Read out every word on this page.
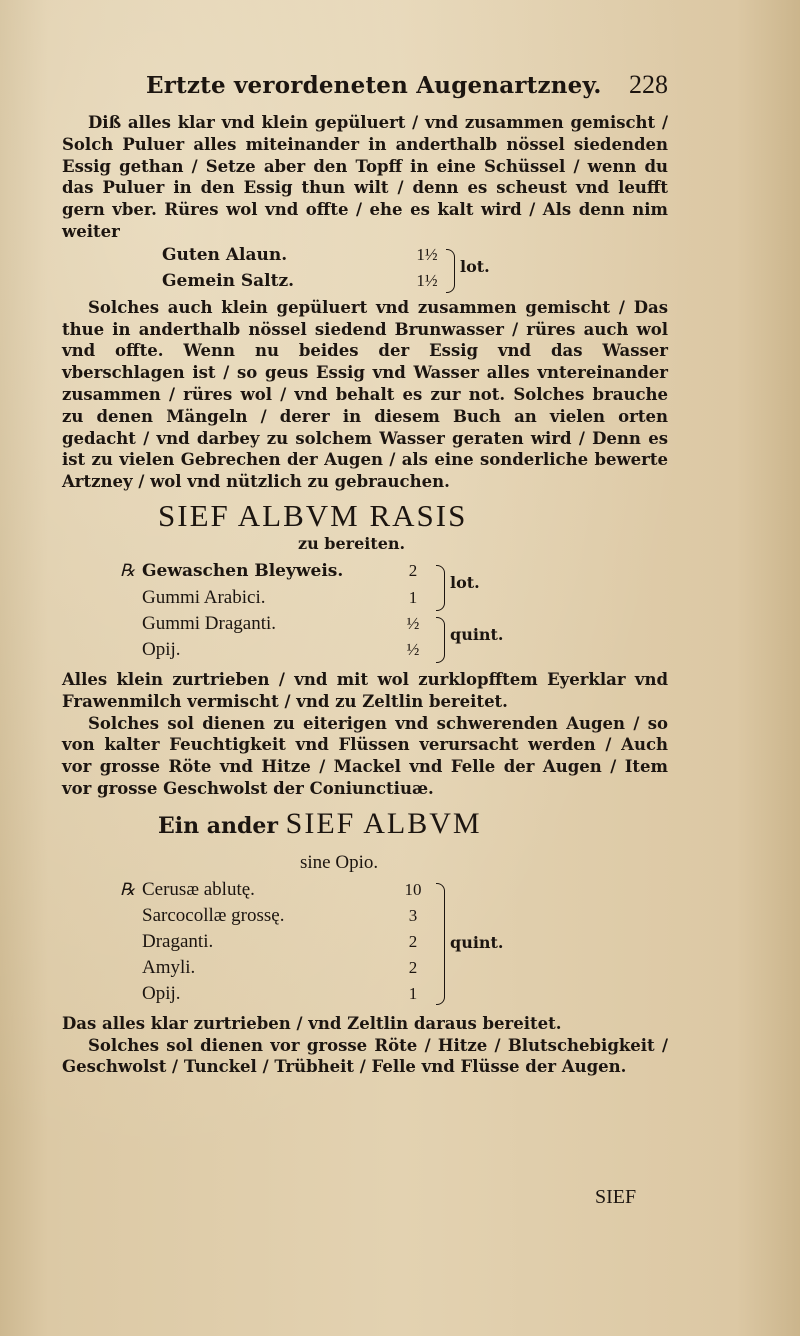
Ertzte verordeneten Augenartzney. 228

Diß alles klar vnd klein gepüluert / vnd zusammen gemischt / Solch Puluer alles miteinander in anderthalb nössel siedenden Essig gethan / Setze aber den Topff in eine Schüssel / wenn du das Puluer in den Essig thun wilt / denn es scheust vnd leufft gern vber. Rüres wol vnd offte / ehe es kalt wird / Als denn nim weiter

Guten Alaun.	1½
Gemein Saltz.	1½
lot.

Solches auch klein gepüluert vnd zusammen gemischt / Das thue in anderthalb nössel siedend Brunwasser / rüres auch wol vnd offte. Wenn nu beides der Essig vnd das Wasser vberschlagen ist / so geus Essig vnd Wasser alles vntereinander zusammen / rüres wol / vnd behalt es zur not. Solches brauche zu denen Mängeln / derer in diesem Buch an vielen orten gedacht / vnd darbey zu solchem Wasser geraten wird / Denn es ist zu vielen Gebrechen der Augen / als eine sonderliche bewerte Artzney / wol vnd nützlich zu gebrauchen.

SIEF ALBVM RASIS
zu bereiten.
℞ Gewaschen Bleyweis.	2
Gummi Arabici.	1
Gummi Draganti.	½
Opij.	½
lot.
quint.

Alles klein zurtrieben / vnd mit wol zurklopfftem Eyerklar vnd Frawenmilch vermischt / vnd zu Zeltlin bereitet.

Solches sol dienen zu eiterigen vnd schwerenden Augen / so von kalter Feuchtigkeit vnd Flüssen verursacht werden / Auch vor grosse Röte vnd Hitze / Mackel vnd Felle der Augen / Item vor grosse Geschwolst der Coniunctiuæ.

Ein ander SIEF ALBVM
sine Opio.
℞ Cerusæ ablutę.	10
Sarcocollæ grossę.	3
Draganti.	2
Amyli.	2
Opij.	1
quint.

Das alles klar zurtrieben / vnd Zeltlin daraus bereitet.

Solches sol dienen vor grosse Röte / Hitze / Blutschebigkeit / Geschwolst / Tunckel / Trübheit / Felle vnd Flüsse der Augen.

SIEF
